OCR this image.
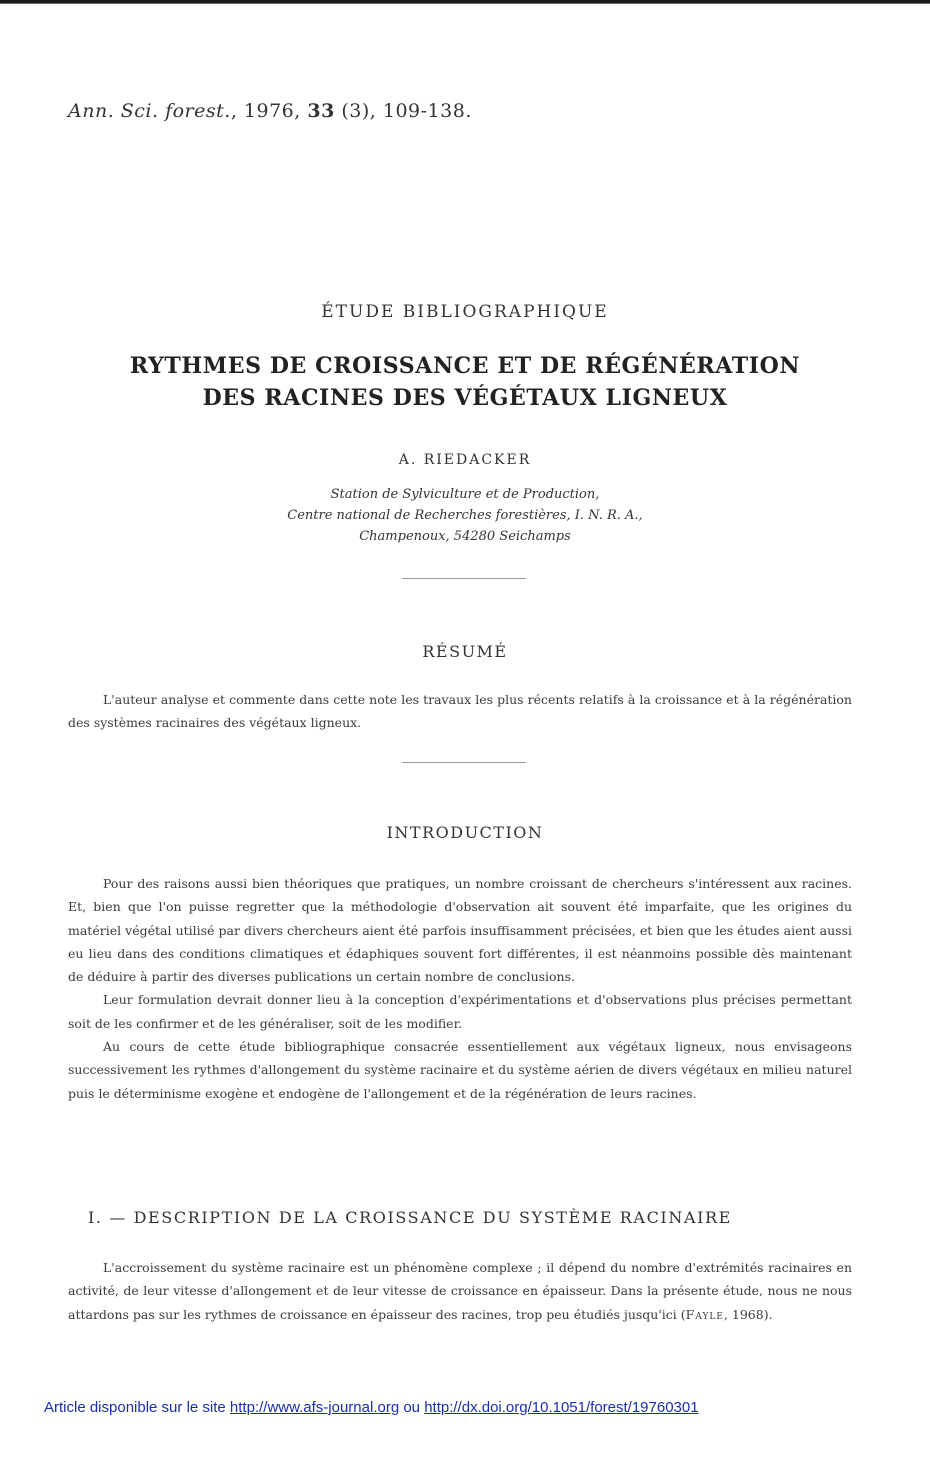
Ann. Sci. forest., 1976, 33 (3), 109-138.
ÉTUDE BIBLIOGRAPHIQUE
RYTHMES DE CROISSANCE ET DE RÉGÉNÉRATION
DES RACINES DES VÉGÉTAUX LIGNEUX
A. RIEDACKER
Station de Sylviculture et de Production,
Centre national de Recherches forestières, I. N. R. A.,
Champenoux, 54280 Seichamps
RÉSUMÉ

L'auteur analyse et commente dans cette note les travaux les plus récents relatifs à la croissance et à la régénération des systèmes racinaires des végétaux ligneux.

INTRODUCTION

Pour des raisons aussi bien théoriques que pratiques, un nombre croissant de chercheurs s'intéressent aux racines. Et, bien que l'on puisse regretter que la méthodologie d'observation ait souvent été imparfaite, que les origines du matériel végétal utilisé par divers chercheurs aient été parfois insuffisamment précisées, et bien que les études aient aussi eu lieu dans des conditions climatiques et édaphiques souvent fort différentes, il est néanmoins possible dès maintenant de déduire à partir des diverses publications un certain nombre de conclusions.

Leur formulation devrait donner lieu à la conception d'expérimentations et d'observations plus précises permettant soit de les confirmer et de les généraliser, soit de les modifier.

Au cours de cette étude bibliographique consacrée essentiellement aux végétaux ligneux, nous envisageons successivement les rythmes d'allongement du système racinaire et du système aérien de divers végétaux en milieu naturel puis le déterminisme exogène et endogène de l'allongement et de la régénération de leurs racines.

I. — DESCRIPTION DE LA CROISSANCE DU SYSTÈME RACINAIRE

L'accroissement du système racinaire est un phénomène complexe ; il dépend du nombre d'extrémités racinaires en activité, de leur vitesse d'allongement et de leur vitesse de croissance en épaisseur. Dans la présente étude, nous ne nous attardons pas sur les rythmes de croissance en épaisseur des racines, trop peu étudiés jusqu'ici (Fayle, 1968).

Article disponible sur le site http://www.afs-journal.org ou http://dx.doi.org/10.1051/forest/19760301
